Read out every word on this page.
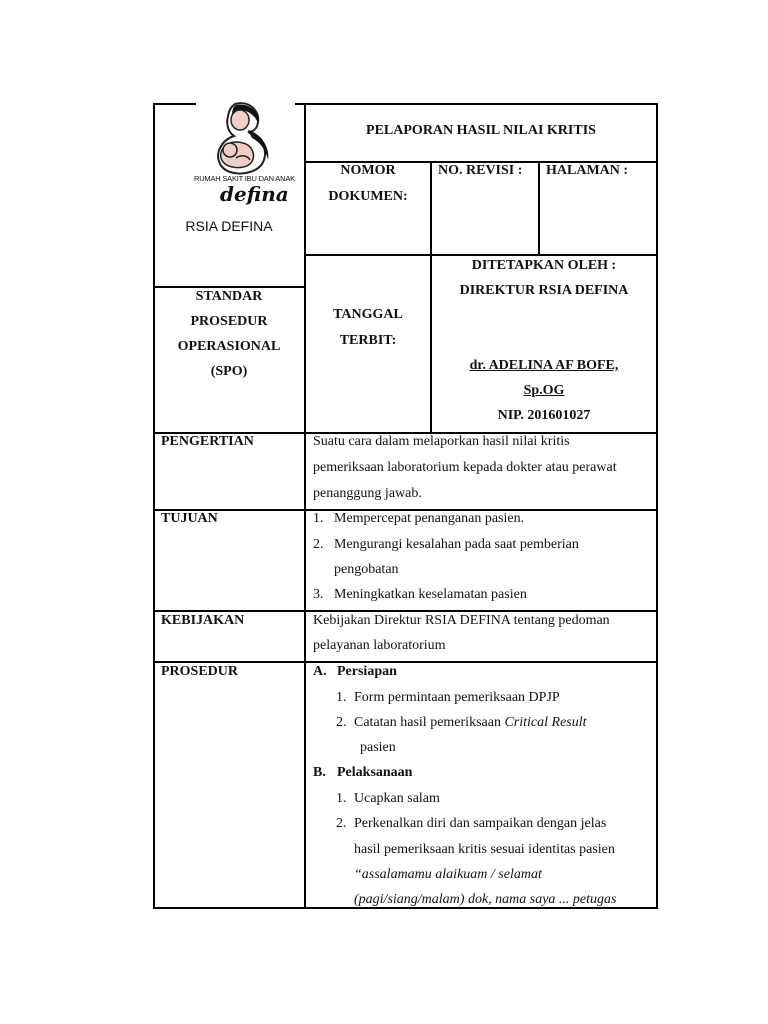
RUMAH SAKIT IBU DAN ANAK
defina
RSIA DEFINA
PELAPORAN HASIL NILAI KRITIS
STANDAR
PROSEDUR
OPERASIONAL
(SPO)
NOMOR
DOKUMEN:
NO. REVISI : HALAMAN :
TANGGAL
TERBIT:
DITETAPKAN OLEH :
DIREKTUR RSIA DEFINA
dr. ADELINA AF BOFE,
Sp.OG
NIP. 201601027
PENGERTIAN	Suatu cara dalam melaporkan hasil nilai kritis
pemeriksaan laboratorium kepada dokter atau perawat
penanggung jawab.
TUJUAN	1. Mempercepat penanganan pasien.
2. Mengurangi kesalahan pada saat pemberian
pengobatan
3. Meningkatkan keselamatan pasien
KEBIJAKAN	Kebijakan Direktur RSIA DEFINA tentang pedoman
pelayanan laboratorium
PROSEDUR	A. Persiapan
1. Form permintaan pemeriksaan DPJP
2. Catatan hasil pemeriksaan Critical Result
pasien
B. Pelaksanaan
1. Ucapkan salam
2. Perkenalkan diri dan sampaikan dengan jelas
hasil pemeriksaan kritis sesuai identitas pasien
“assalamamu alaikuam / selamat
(pagi/siang/malam) dok, nama saya ... petugas
